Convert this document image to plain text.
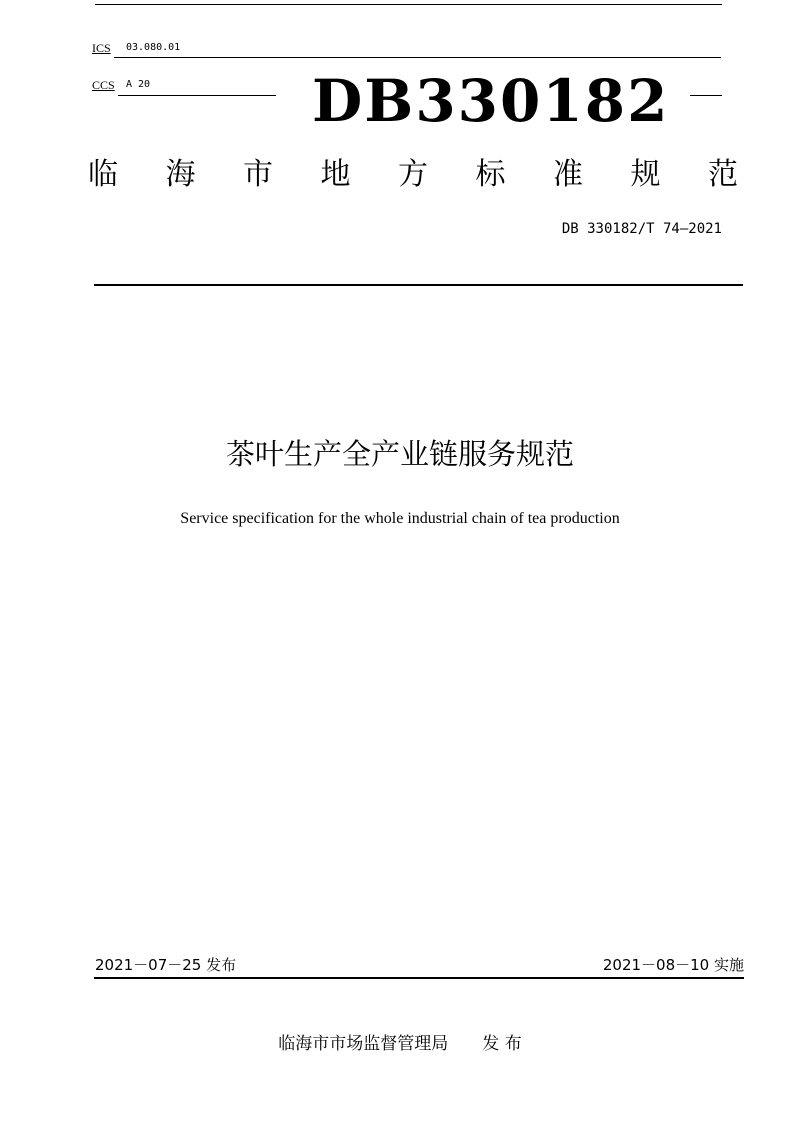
ICS 03.080.01
CCS A 20	DB330182
临 海 市 地 方 标 准 规 范
DB 330182/T 74—2021
茶叶生产全产业链服务规范
Service specification for the whole industrial chain of tea production
2021－07－25 发布	2021－08－10 实施
临海市市场监督管理局 发 布
